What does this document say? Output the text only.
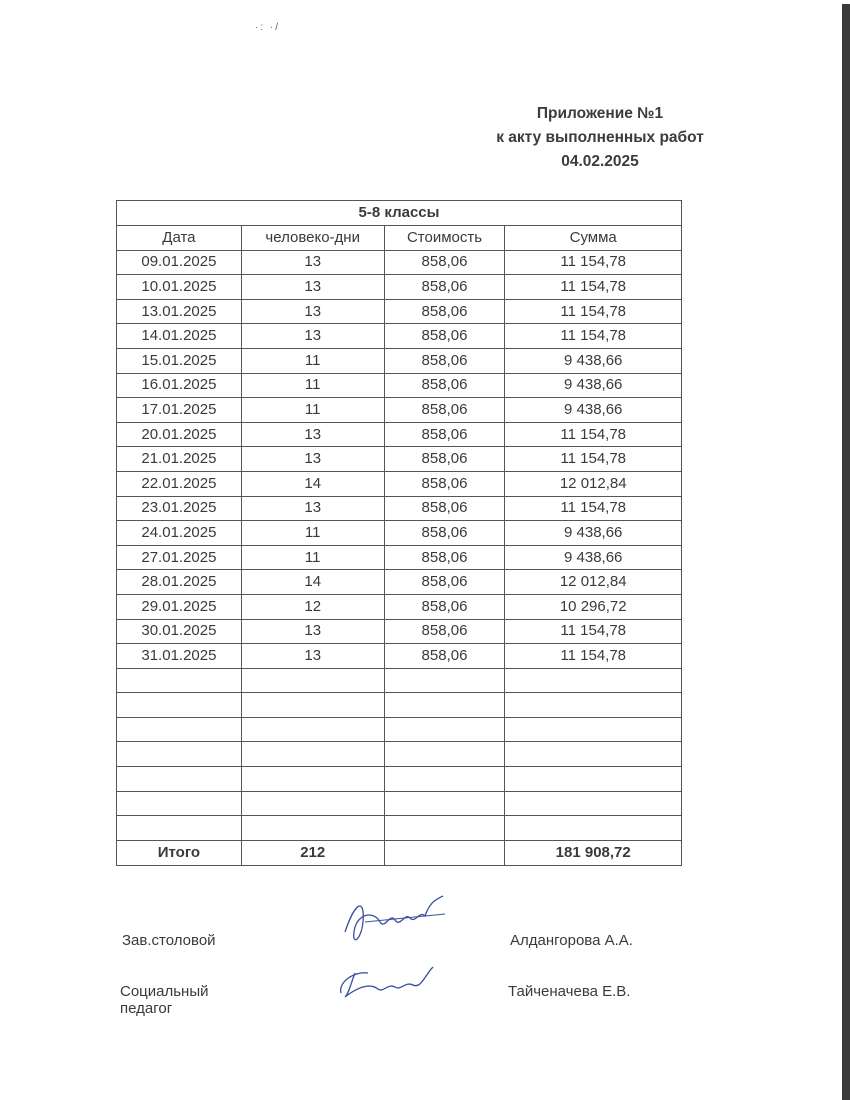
·: ·/
Приложение №1
к акту выполненных работ
04.02.2025
5-8 классы			
Дата	человеко-дни	Стоимость	Сумма
09.01.2025	13	858,06	11 154,78
10.01.2025	13	858,06	11 154,78
13.01.2025	13	858,06	11 154,78
14.01.2025	13	858,06	11 154,78
15.01.2025	11	858,06	9 438,66
16.01.2025	11	858,06	9 438,66
17.01.2025	11	858,06	9 438,66
20.01.2025	13	858,06	11 154,78
21.01.2025	13	858,06	11 154,78
22.01.2025	14	858,06	12 012,84
23.01.2025	13	858,06	11 154,78
24.01.2025	11	858,06	9 438,66
27.01.2025	11	858,06	9 438,66
28.01.2025	14	858,06	12 012,84
29.01.2025	12	858,06	10 296,72
30.01.2025	13	858,06	11 154,78
31.01.2025	13	858,06	11 154,78

Итого	212		181 908,72
Зав.столовой	Алдангорова А.А.
Социальный педагог
Тайченачева Е.В.
